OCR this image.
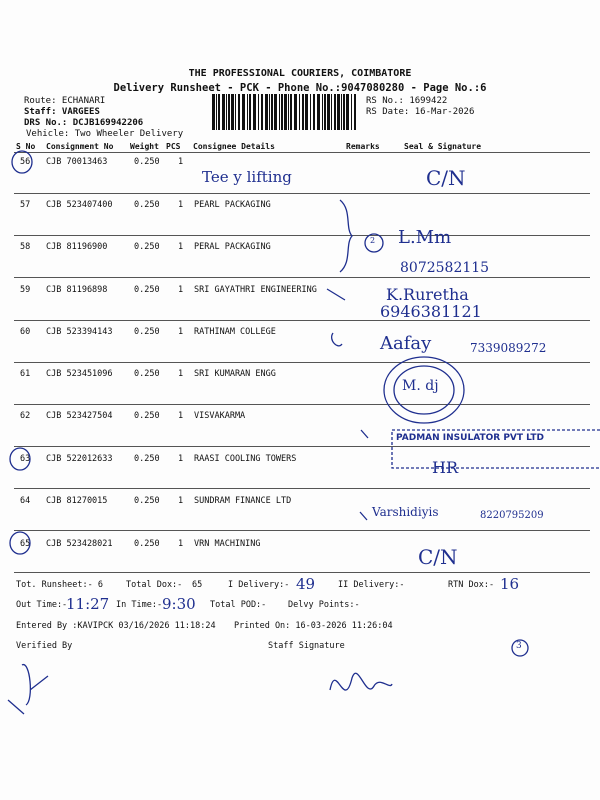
THE PROFESSIONAL COURIERS, COIMBATORE
Delivery Runsheet - PCK - Phone No.:9047080280 - Page No.:6
Route: ECHANARI
Staff: VARGEES
DRS No.: DCJB169942206
Vehicle: Two Wheeler Delivery
RS No.: 1699422
RS Date: 16-Mar-2026
S No Consignment No Weight PCS Consignee Details	Remarks	Seal & Signature
56 CJB 70013463	0.250 1
57 CJB 523407400	0.250 1 PEARL PACKAGING
58 CJB 81196900	0.250 1 PERAL PACKAGING
59 CJB 81196898	0.250 1 SRI GAYATHRI ENGINEERING
60 CJB 523394143	0.250 1 RATHINAM COLLEGE
61 CJB 523451096	0.250 1 SRI KUMARAN ENGG
62 CJB 523427504	0.250 1 VISVAKARMA
63 CJB 522012633	0.250 1 RAASI COOLING TOWERS
64 CJB 81270015	0.250 1 SUNDRAM FINANCE LTD
65 CJB 523428021	0.250 1 VRN MACHINING
Tee y lifting	C/N
2 L.Mm
8072582115
K.Ruretha
6946381121
Aafay	7339089272
M. dj
PADMAN INSULATOR PVT LTD
HR
Varshidiyis	8220795209
C/N
Tot. Runsheet:- 6	Total Dox:- 65	I Delivery:- 49	II Delivery:-	RTN Dox:- 16
Out Time:-
11:27 In Time:- 9:30 Total POD:-	Delvy Points:-
Entered By :KAVIPCK 03/16/2026 11:18:24 Printed On: 16-03-2026 11:26:04
Verified By	Staff Signature	3
